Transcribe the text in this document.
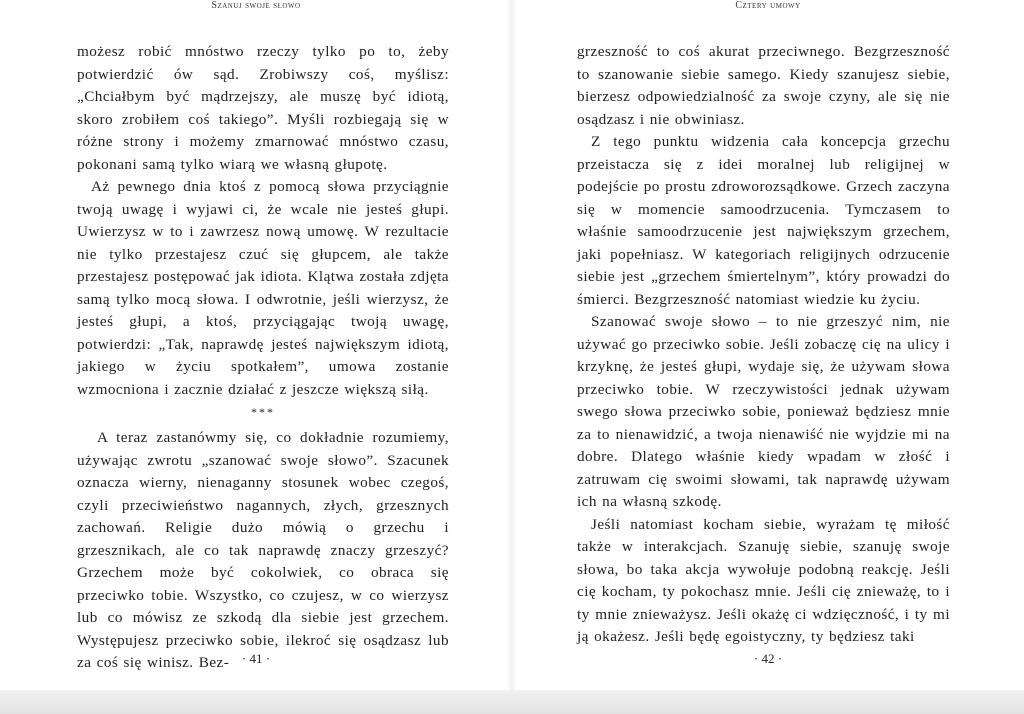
Szanuj swoje słowo

możesz robić mnóstwo rzeczy tylko po to, żeby potwierdzić ów sąd. Zrobiwszy coś, myślisz: „Chciałbym być mądrzejszy, ale muszę być idiotą, skoro zrobiłem coś takiego”. Myśli rozbiegają się w różne strony i możemy zmarnować mnóstwo czasu, pokonani samą tylko wiarą we własną głupotę.

Aż pewnego dnia ktoś z pomocą słowa przyciągnie twoją uwagę i wyjawi ci, że wcale nie jesteś głupi. Uwierzysz w to i zawrzesz nową umowę. W rezultacie nie tylko przestajesz czuć się głupcem, ale także przestajesz postępować jak idiota. Klątwa została zdjęta samą tylko mocą słowa. I odwrotnie, jeśli wierzysz, że jesteś głupi, a ktoś, przyciągając twoją uwagę, potwierdzi: „Tak, naprawdę jesteś największym idiotą, jakiego w życiu spotkałem”, umowa zostanie wzmocniona i zacznie działać z jeszcze większą siłą.

***

A teraz zastanówmy się, co dokładnie rozumiemy, używając zwrotu „szanować swoje słowo”. Szacunek oznacza wierny, nienaganny stosunek wobec czegoś, czyli przeciwieństwo nagannych, złych, grzesznych zachowań. Religie dużo mówią o grzechu i grzesznikach, ale co tak naprawdę znaczy grzeszyć? Grzechem może być cokolwiek, co obraca się przeciwko tobie. Wszystko, co czujesz, w co wierzysz lub co mówisz ze szkodą dla siebie jest grzechem. Występujesz przeciwko sobie, ilekroć się osądzasz lub za coś się winisz. Bez- · 41 ·
Cztery umowy

grzeszność to coś akurat przeciwnego. Bezgrzeszność to szanowanie siebie samego. Kiedy szanujesz siebie, bierzesz odpowiedzialność za swoje czyny, ale się nie osądzasz i nie obwiniasz.

Z tego punktu widzenia cała koncepcja grzechu przeistacza się z idei moralnej lub religijnej w podejście po prostu zdroworozsądkowe. Grzech zaczyna się w momencie samoodrzucenia. Tymczasem to właśnie samoodrzucenie jest największym grzechem, jaki popełniasz. W kategoriach religijnych odrzucenie siebie jest „grzechem śmiertelnym”, który prowadzi do śmierci. Bezgrzeszność natomiast wiedzie ku życiu.

Szanować swoje słowo – to nie grzeszyć nim, nie używać go przeciwko sobie. Jeśli zobaczę cię na ulicy i krzyknę, że jesteś głupi, wydaje się, że używam słowa przeciwko tobie. W rzeczywistości jednak używam swego słowa przeciwko sobie, ponieważ będziesz mnie za to nienawidzić, a twoja nienawiść nie wyjdzie mi na dobre. Dlatego właśnie kiedy wpadam w złość i zatruwam cię swoimi słowami, tak naprawdę używam ich na własną szkodę.

Jeśli natomiast kocham siebie, wyrażam tę miłość także w interakcjach. Szanuję siebie, szanuję swoje słowa, bo taka akcja wywołuje podobną reakcję. Jeśli cię kocham, ty pokochasz mnie. Jeśli cię znieważę, to i ty mnie znieważysz. Jeśli okażę ci wdzięczność, i ty mi ją okażesz. Jeśli będę egoistyczny, ty będziesz taki

· 42 ·
